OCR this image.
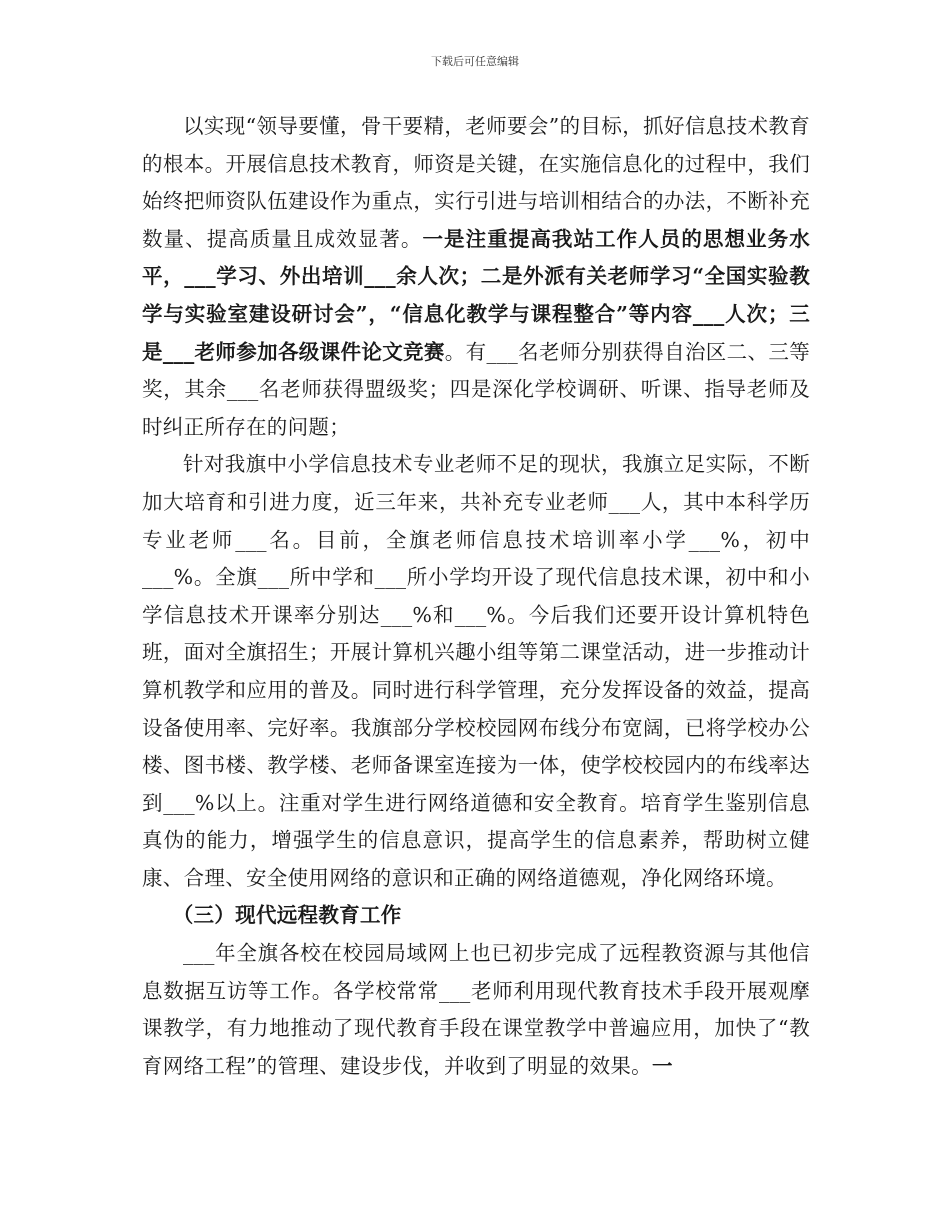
下载后可任意编辑

以实现“领导要懂，骨干要精，老师要会”的目标，抓好信息技术教育的根本。开展信息技术教育，师资是关键，在实施信息化的过程中，我们始终把师资队伍建设作为重点，实行引进与培训相结合的办法，不断补充数量、提高质量且成效显著。一是注重提高我站工作人员的思想业务水平，___学习、外出培训___余人次；二是外派有关老师学习“全国实验教学与实验室建设研讨会”，“信息化教学与课程整合”等内容___人次；三是___老师参加各级课件论文竞赛。有___名老师分别获得自治区二、三等奖，其余___名老师获得盟级奖；四是深化学校调研、听课、指导老师及时纠正所存在的问题；

针对我旗中小学信息技术专业老师不足的现状，我旗立足实际，不断加大培育和引进力度，近三年来，共补充专业老师___人，其中本科学历专业老师___名。目前，全旗老师信息技术培训率小学___%，初中___%。全旗___所中学和___所小学均开设了现代信息技术课，初中和小学信息技术开课率分别达___%和___%。今后我们还要开设计算机特色班，面对全旗招生；开展计算机兴趣小组等第二课堂活动，进一步推动计算机教学和应用的普及。同时进行科学管理，充分发挥设备的效益，提高设备使用率、完好率。我旗部分学校校园网布线分布宽阔，已将学校办公楼、图书楼、教学楼、老师备课室连接为一体，使学校校园内的布线率达到___%以上。注重对学生进行网络道德和安全教育。培育学生鉴别信息真伪的能力，增强学生的信息意识，提高学生的信息素养，帮助树立健康、合理、安全使用网络的意识和正确的网络道德观，净化网络环境。

（三）现代远程教育工作

___年全旗各校在校园局域网上也已初步完成了远程教资源与其他信息数据互访等工作。各学校常常___老师利用现代教育技术手段开展观摩课教学，有力地推动了现代教育手段在课堂教学中普遍应用，加快了“教育网络工程”的管理、建设步伐，并收到了明显的效果。一
